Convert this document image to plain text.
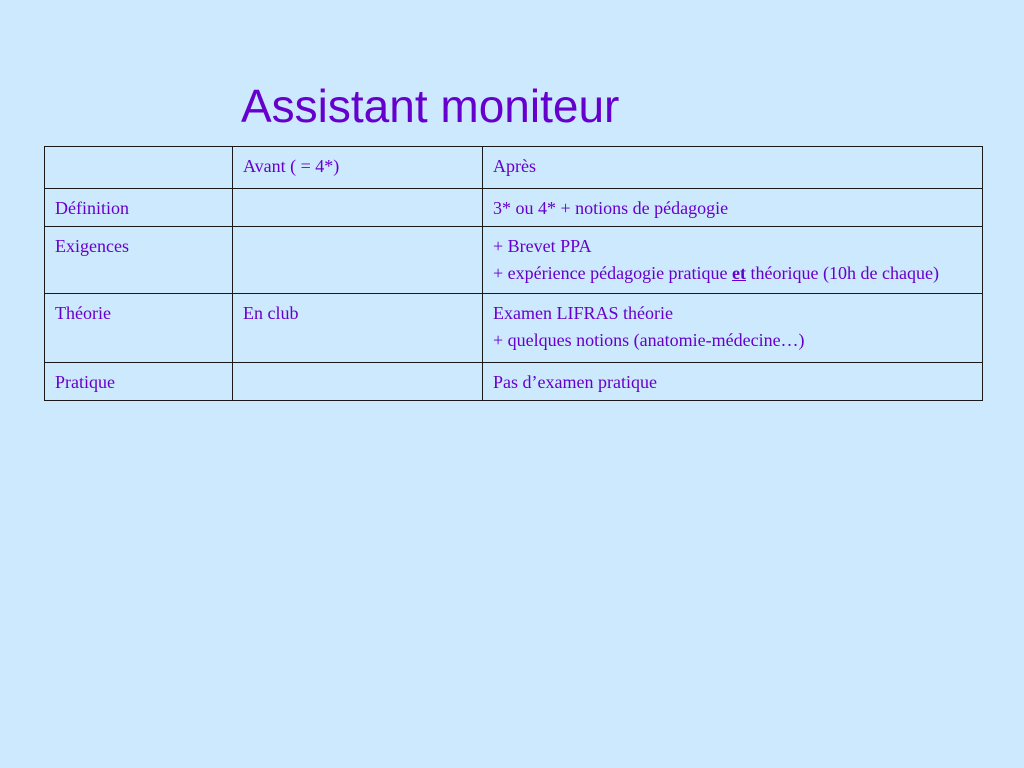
Assistant moniteur
	Avant ( = 4*)	Après
Définition		3* ou 4* + notions de pédagogie

Exigences		+ Brevet PPA
+ expérience pédagogie pratique et théorique (10h de chaque)

Théorie	En club	Examen LIFRAS théorie
+ quelques notions (anatomie-médecine…)

Pratique		Pas d’examen pratique
